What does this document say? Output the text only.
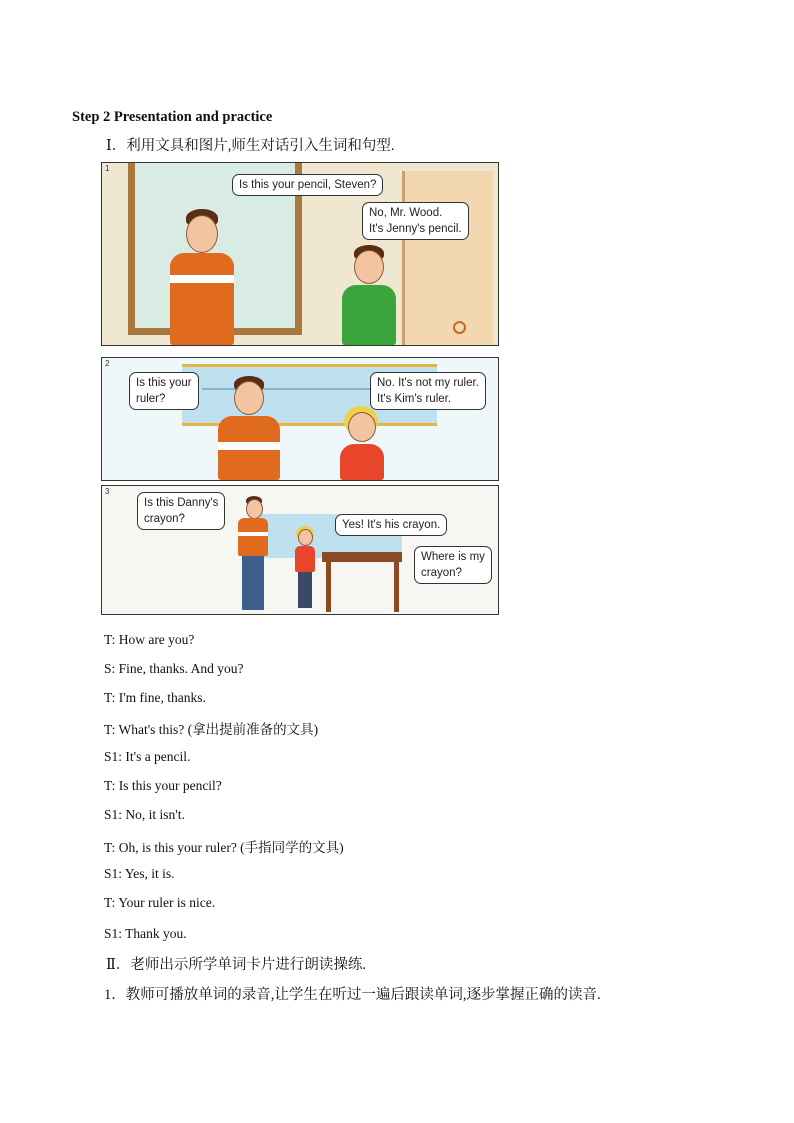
Step 2 Presentation and practice
Ⅰ．利用文具和图片,师生对话引入生词和句型.
1
Is this your pencil, Steven?
No, Mr. Wood.
It's Jenny's pencil.
2
Is this your
ruler?
No. It's not my ruler.
It's Kim's ruler.
3
Is this Danny's
crayon?	Yes! It's his crayon.
Where is my
crayon?
T: How are you?
S: Fine, thanks. And you?
T: I'm fine, thanks.
T: What's this? (拿出提前准备的文具)
S1: It's a pencil.
T: Is this your pencil?
S1: No, it isn't.
T: Oh, is this your ruler? (手指同学的文具)
S1: Yes, it is.
T: Your ruler is nice.
S1: Thank you.
Ⅱ．老师出示所学单词卡片进行朗读操练.
1．教师可播放单词的录音,让学生在听过一遍后跟读单词,逐步掌握正确的读音.
